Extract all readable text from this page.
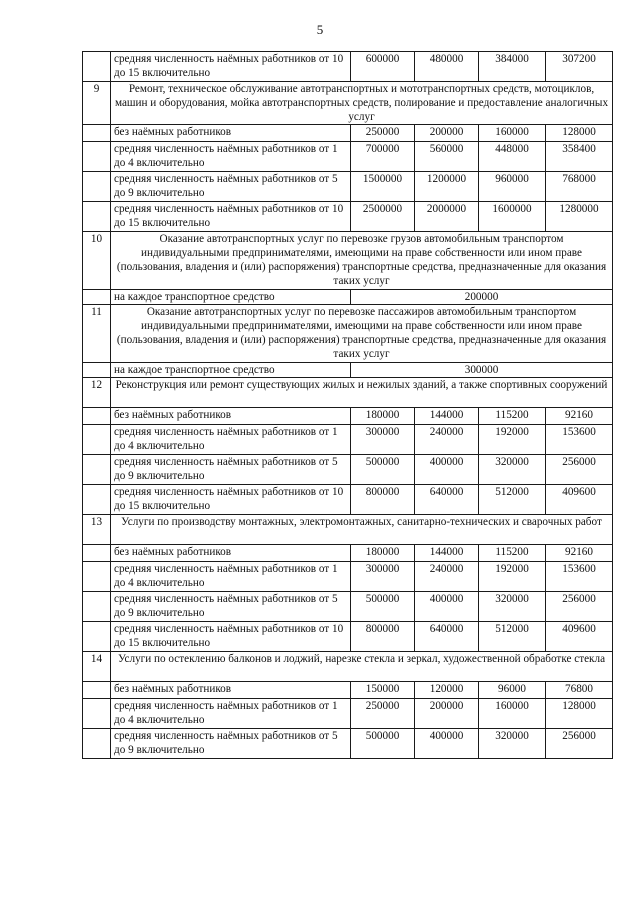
5
	средняя численность наёмных работников от 10 до 15 включительно	600000	480000	384000	307200
9	Ремонт, техническое обслуживание автотранспортных и мототранспортных средств, мотоциклов, машин и оборудования, мойка автотранспортных средств, полирование и предоставление аналогичных услуг				
	без наёмных работников	250000	200000	160000	128000
	средняя численность наёмных работников от 1 до 4 включительно	700000	560000	448000	358400
	средняя численность наёмных работников от 5 до 9 включительно	1500000	1200000	960000	768000
	средняя численность наёмных работников от 10 до 15 включительно	2500000	2000000	1600000	1280000
10	Оказание автотранспортных услуг по перевозке грузов автомобильным транспортом индивидуальными предпринимателями, имеющими на праве собственности или ином праве (пользования, владения и (или) распоряжения) транспортные средства, предназначенные для оказания таких услуг				
	на каждое транспортное средство	200000			
11	Оказание автотранспортных услуг по перевозке пассажиров автомобильным транспортом индивидуальными предпринимателями, имеющими на праве собственности или ином праве (пользования, владения и (или) распоряжения) транспортные средства, предназначенные для оказания таких услуг				
	на каждое транспортное средство	300000			
12	Реконструкция или ремонт существующих жилых и нежилых зданий, а также спортивных сооружений				
	без наёмных работников	180000	144000	115200	92160
	средняя численность наёмных работников от 1 до 4 включительно	300000	240000	192000	153600
	средняя численность наёмных работников от 5 до 9 включительно	500000	400000	320000	256000
	средняя численность наёмных работников от 10 до 15 включительно	800000	640000	512000	409600
13	Услуги по производству монтажных, электромонтажных, санитарно-технических и сварочных работ				
	без наёмных работников	180000	144000	115200	92160
	средняя численность наёмных работников от 1 до 4 включительно	300000	240000	192000	153600
	средняя численность наёмных работников от 5 до 9 включительно	500000	400000	320000	256000
	средняя численность наёмных работников от 10 до 15 включительно	800000	640000	512000	409600
14	Услуги по остеклению балконов и лоджий, нарезке стекла и зеркал, художественной обработке стекла				
	без наёмных работников	150000	120000	96000	76800
	средняя численность наёмных работников от 1 до 4 включительно	250000	200000	160000	128000
	средняя численность наёмных работников от 5 до 9 включительно	500000	400000	320000	256000
